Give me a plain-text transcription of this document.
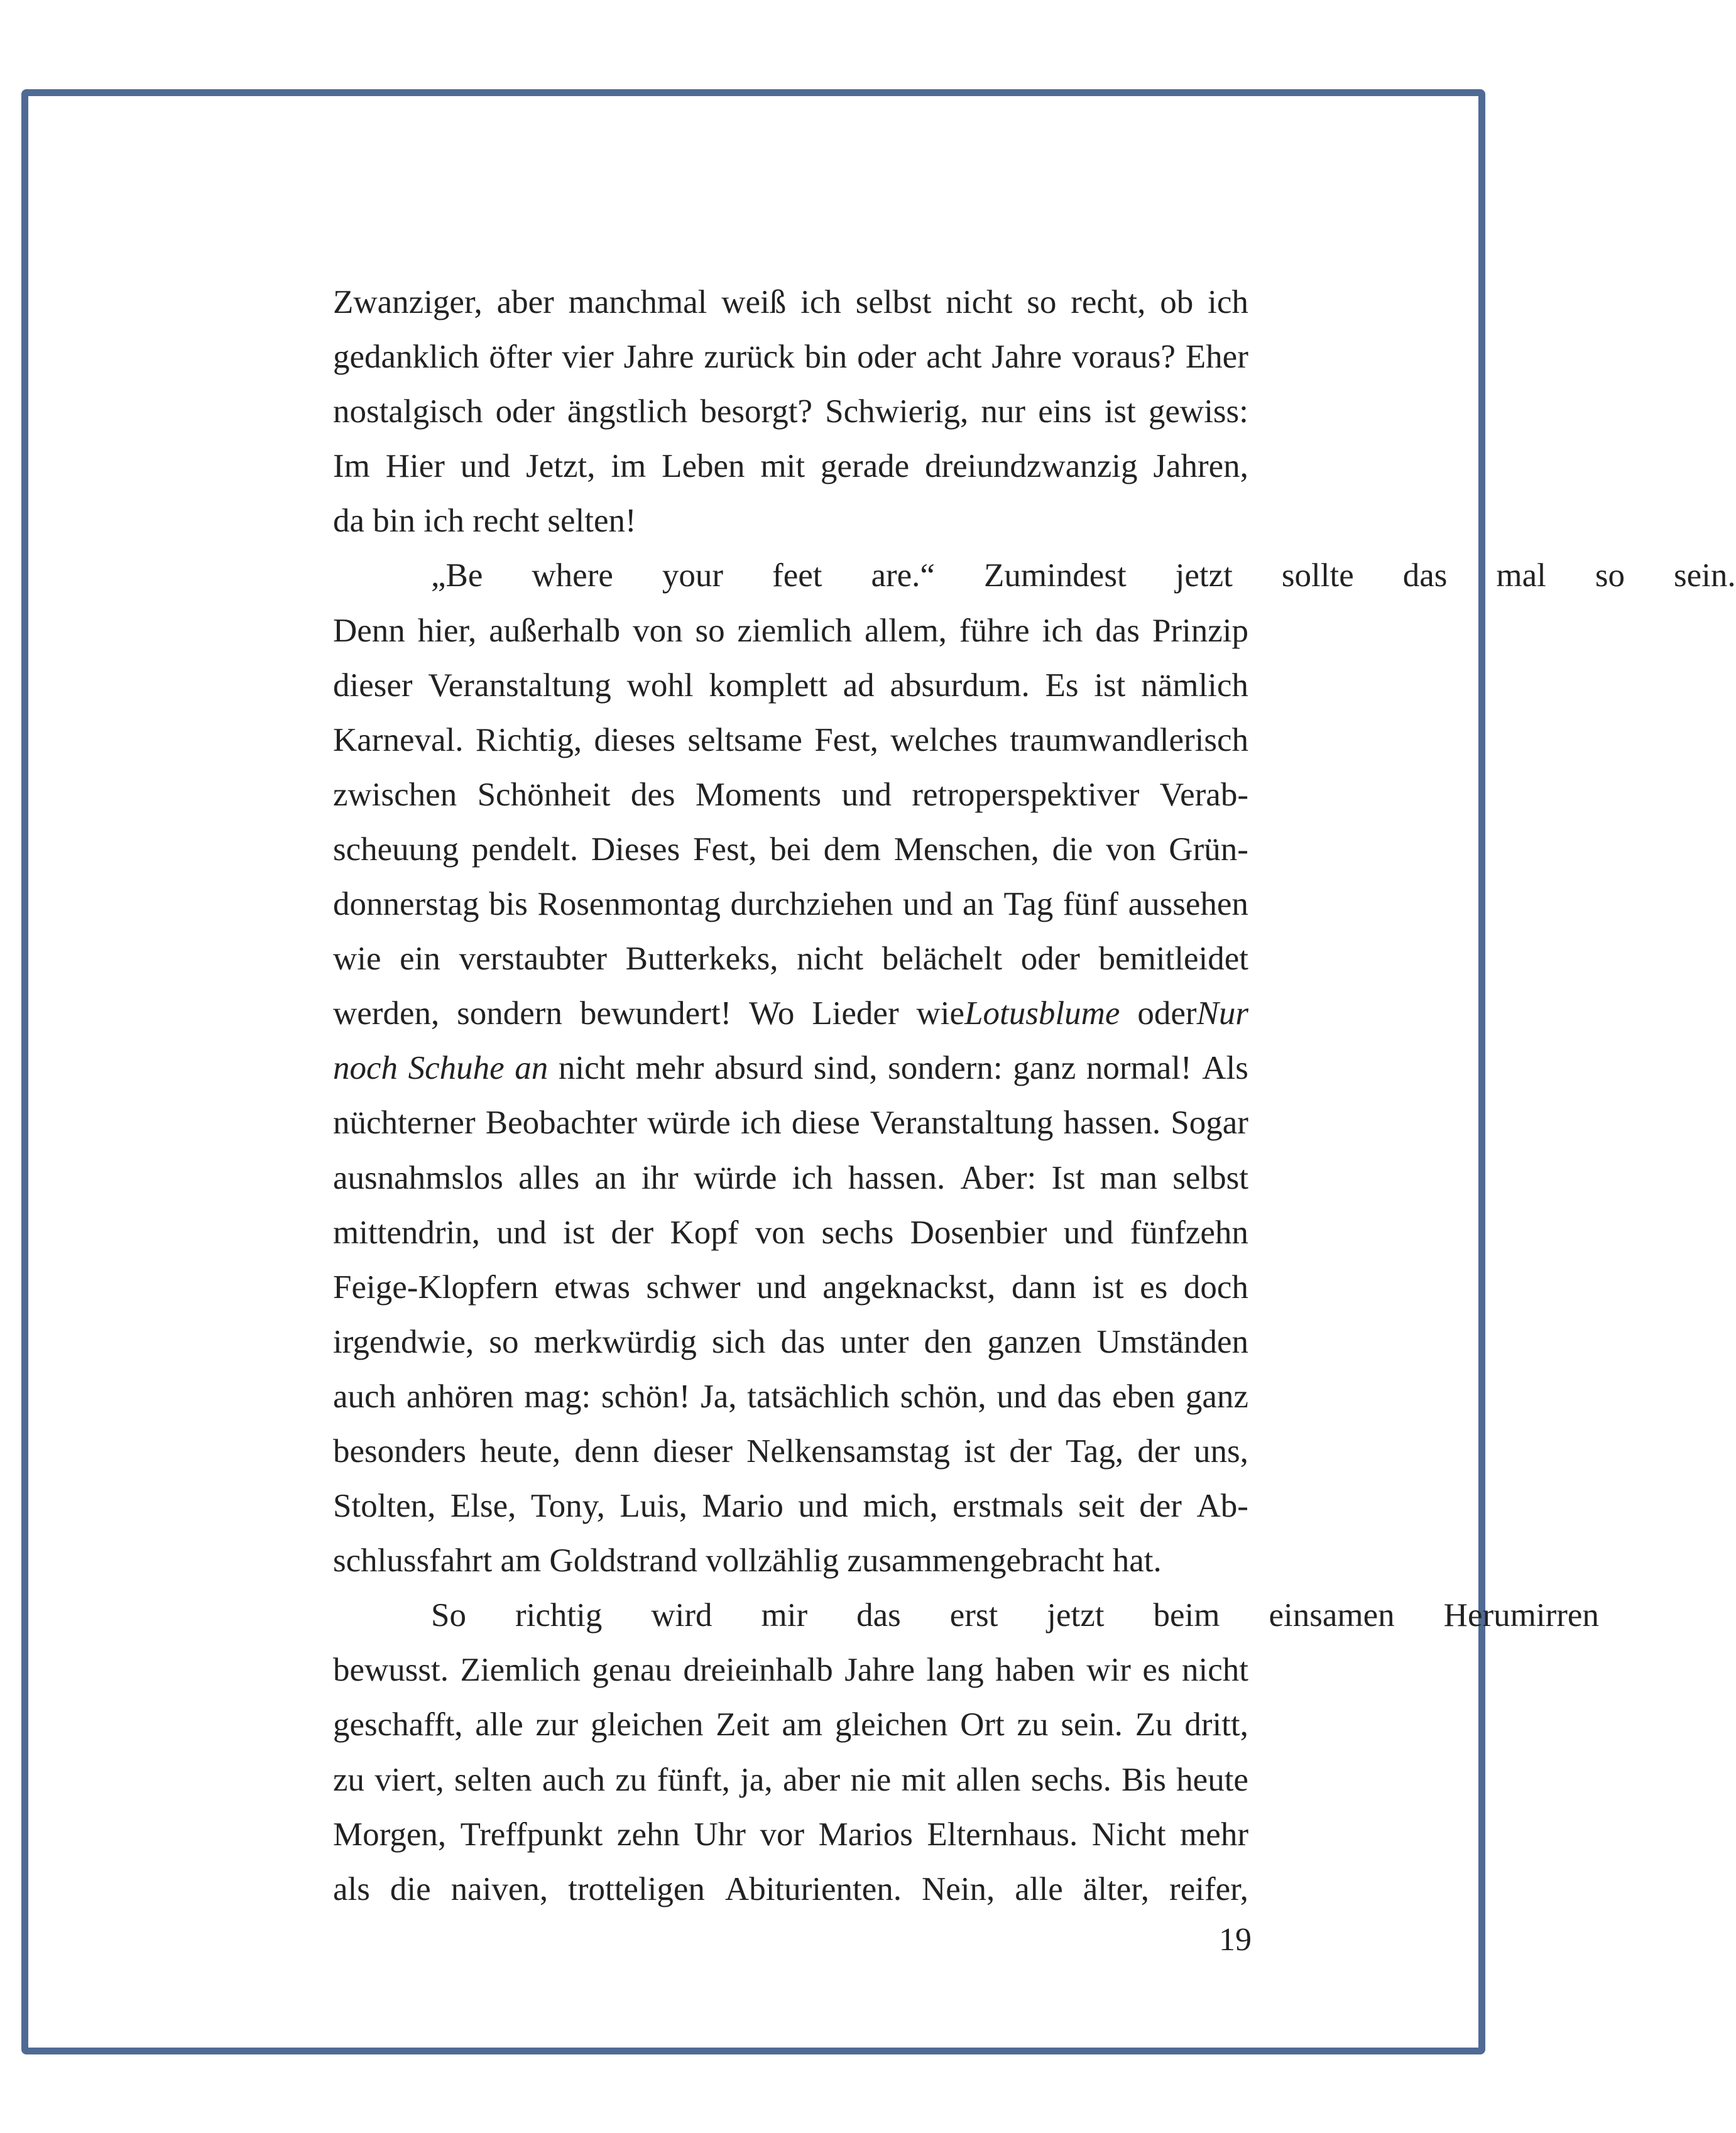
Zwanziger, aber manchmal weiß ich selbst nicht so recht, ob ich
gedanklich öfter vier Jahre zurück bin oder acht Jahre voraus? Eher
nostalgisch oder ängstlich besorgt? Schwierig, nur eins ist gewiss:
Im Hier und Jetzt, im Leben mit gerade dreiundzwanzig Jahren,
da bin ich recht selten!
„Be	where	your	feet	are.“	Zumindest	jetzt	sollte	das	mal	so	sein.
Denn hier, außerhalb von so ziemlich allem, führe ich das Prinzip
dieser Veranstaltung wohl komplett ad absurdum. Es ist nämlich
Karneval. Richtig, dieses seltsame Fest, welches traumwandlerisch
zwischen Schönheit des Moments und retroperspektiver Verab-
scheuung pendelt. Dieses Fest, bei dem Menschen, die von Grün-
donnerstag bis Rosenmontag durchziehen und an Tag fünf aussehen
wie ein verstaubter Butterkeks, nicht belächelt oder bemitleidet
werden, sondern bewundert! Wo Lieder wieLotusblume oderNur
noch Schuhe an nicht mehr absurd sind, sondern: ganz normal! Als
nüchterner Beobachter würde ich diese Veranstaltung hassen. Sogar
ausnahmslos alles an ihr würde ich hassen. Aber: Ist man selbst
mittendrin, und ist der Kopf von sechs Dosenbier und fünfzehn
Feige-Klopfern etwas schwer und angeknackst, dann ist es doch
irgendwie, so merkwürdig sich das unter den ganzen Umständen
auch anhören mag: schön! Ja, tatsächlich schön, und das eben ganz
besonders heute, denn dieser Nelkensamstag ist der Tag, der uns,
Stolten, Else, Tony, Luis, Mario und mich, erstmals seit der Ab-
schlussfahrt am Goldstrand vollzählig zusammengebracht hat.
So	richtig	wird	mir	das	erst	jetzt	beim	einsamen	Herumirren
bewusst. Ziemlich genau dreieinhalb Jahre lang haben wir es nicht
geschafft, alle zur gleichen Zeit am gleichen Ort zu sein. Zu dritt,
zu viert, selten auch zu fünft, ja, aber nie mit allen sechs. Bis heute
Morgen, Treffpunkt zehn Uhr vor Marios Elternhaus. Nicht mehr
als die naiven, trotteligen Abiturienten. Nein, alle älter, reifer,
19
